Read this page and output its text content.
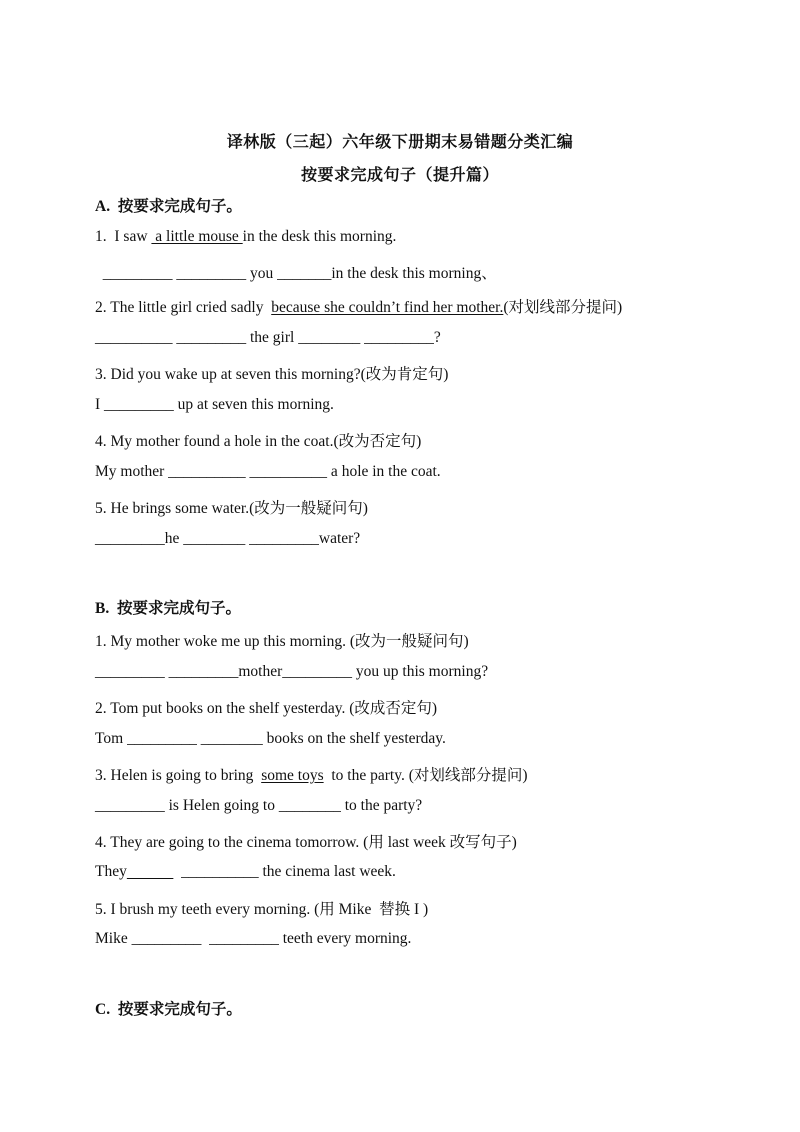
译林版（三起）六年级下册期末易错题分类汇编
按要求完成句子（提升篇）
A.  按要求完成句子。
1.  I saw  a little mouse in the desk this morning.
_________ _________ you _______in the desk this morning、
2. The little girl cried sadly  because she couldn’t find her mother.(对划线部分提问)
__________ _________ the girl ________ _________?
3. Did you wake up at seven this morning?(改为肯定句)
I _________ up at seven this morning.
4. My mother found a hole in the coat.(改为否定句)
My mother __________ __________ a hole in the coat.
5. He brings some water.(改为一般疑问句)
_________he ________ _________water?
B.  按要求完成句子。
1. My mother woke me up this morning. (改为一般疑问句)
_________ _________mother_________ you up this morning?
2. Tom put books on the shelf yesterday. (改成否定句)
Tom _________ ________ books on the shelf yesterday.
3. Helen is going to bring  some toys  to the party. (对划线部分提问)
_________ is Helen going to ________ to the party?
4. They are going to the cinema tomorrow. (用 last week 改写句子)
They	__________ the cinema last week.
5. I brush my teeth every morning. (用 Mike  替换 I )
Mike _________  _________ teeth every morning.
C.  按要求完成句子。
